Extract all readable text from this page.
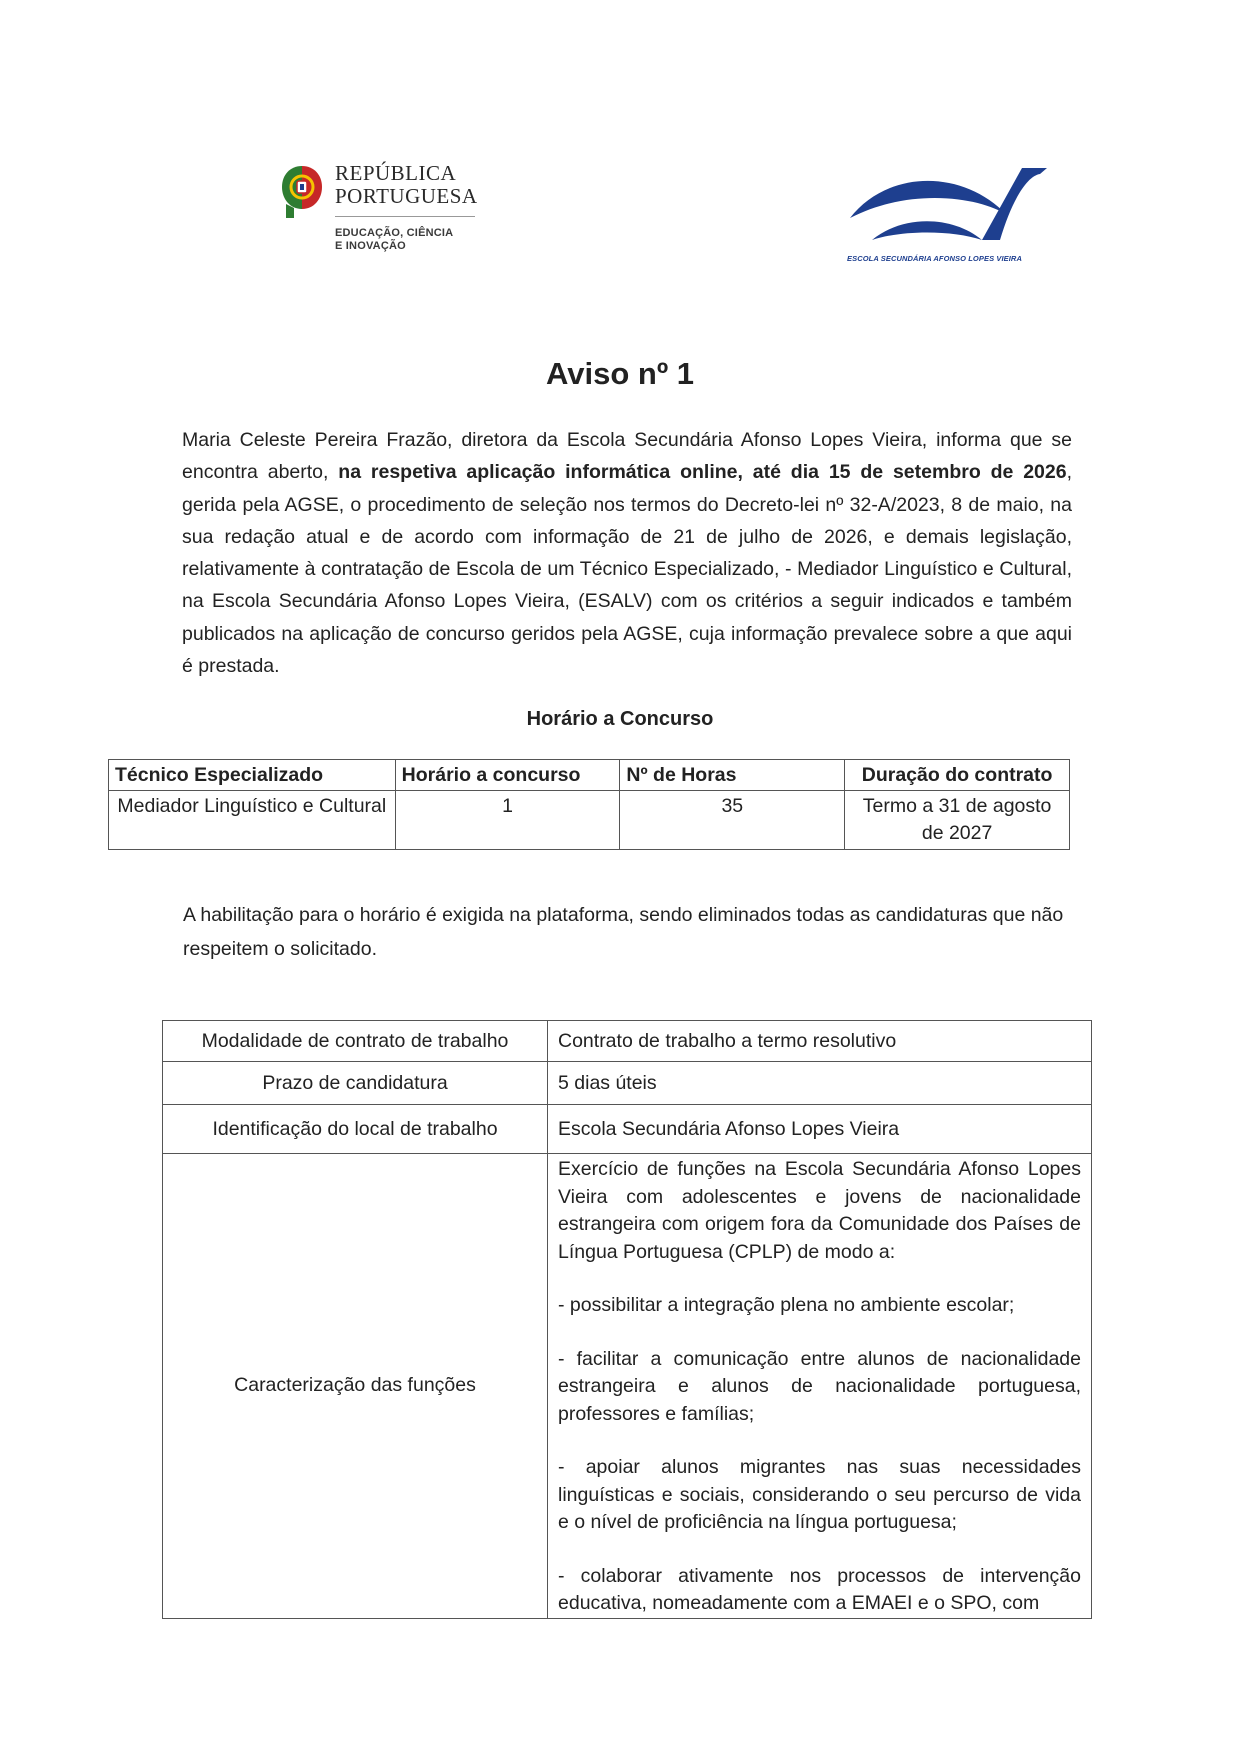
REPÚBLICA
PORTUGUESA
EDUCAÇÃO, CIÊNCIA
E INOVAÇÃO
ESCOLA SECUNDÁRIA AFONSO LOPES VIEIRA
Aviso nº 1
Maria Celeste Pereira Frazão, diretora da Escola Secundária Afonso Lopes Vieira, informa que se encontra aberto, na respetiva aplicação informática online, até dia 15 de setembro de 2026, gerida pela AGSE, o procedimento de seleção nos termos do Decreto-lei nº 32-A/2023, 8 de maio, na sua redação atual e de acordo com informação de 21 de julho de 2026, e demais legislação, relativamente à contratação de Escola de um Técnico Especializado, - Mediador Linguístico e Cultural, na Escola Secundária Afonso Lopes Vieira, (ESALV) com os critérios a seguir indicados e também publicados na aplicação de concurso geridos pela AGSE, cuja informação prevalece sobre a que aqui é prestada.
Horário a Concurso
Técnico Especializado	Horário a concurso	Nº de Horas	Duração do contrato
Mediador Linguístico e Cultural	1	35	Termo a 31 de agosto de 2027
A habilitação para o horário é exigida na plataforma, sendo eliminados todas as candidaturas que não respeitem o solicitado.
Modalidade de contrato de trabalho	Contrato de trabalho a termo resolutivo
Prazo de candidatura	5 dias úteis
Identificação do local de trabalho	Escola Secundária Afonso Lopes Vieira
Caracterização das funções	Exercício de funções na Escola Secundária Afonso Lopes Vieira com adolescentes e jovens de nacionalidade estrangeira com origem fora da Comunidade dos Países de Língua Portuguesa (CPLP) de modo a:

- possibilitar a integração plena no ambiente escolar;

- facilitar a comunicação entre alunos de nacionalidade estrangeira e alunos de nacionalidade portuguesa, professores e famílias;

- apoiar alunos migrantes nas suas necessidades linguísticas e sociais, considerando o seu percurso de vida e o nível de proficiência na língua portuguesa;

- colaborar ativamente nos processos de intervenção educativa, nomeadamente com a EMAEI e o SPO, com
